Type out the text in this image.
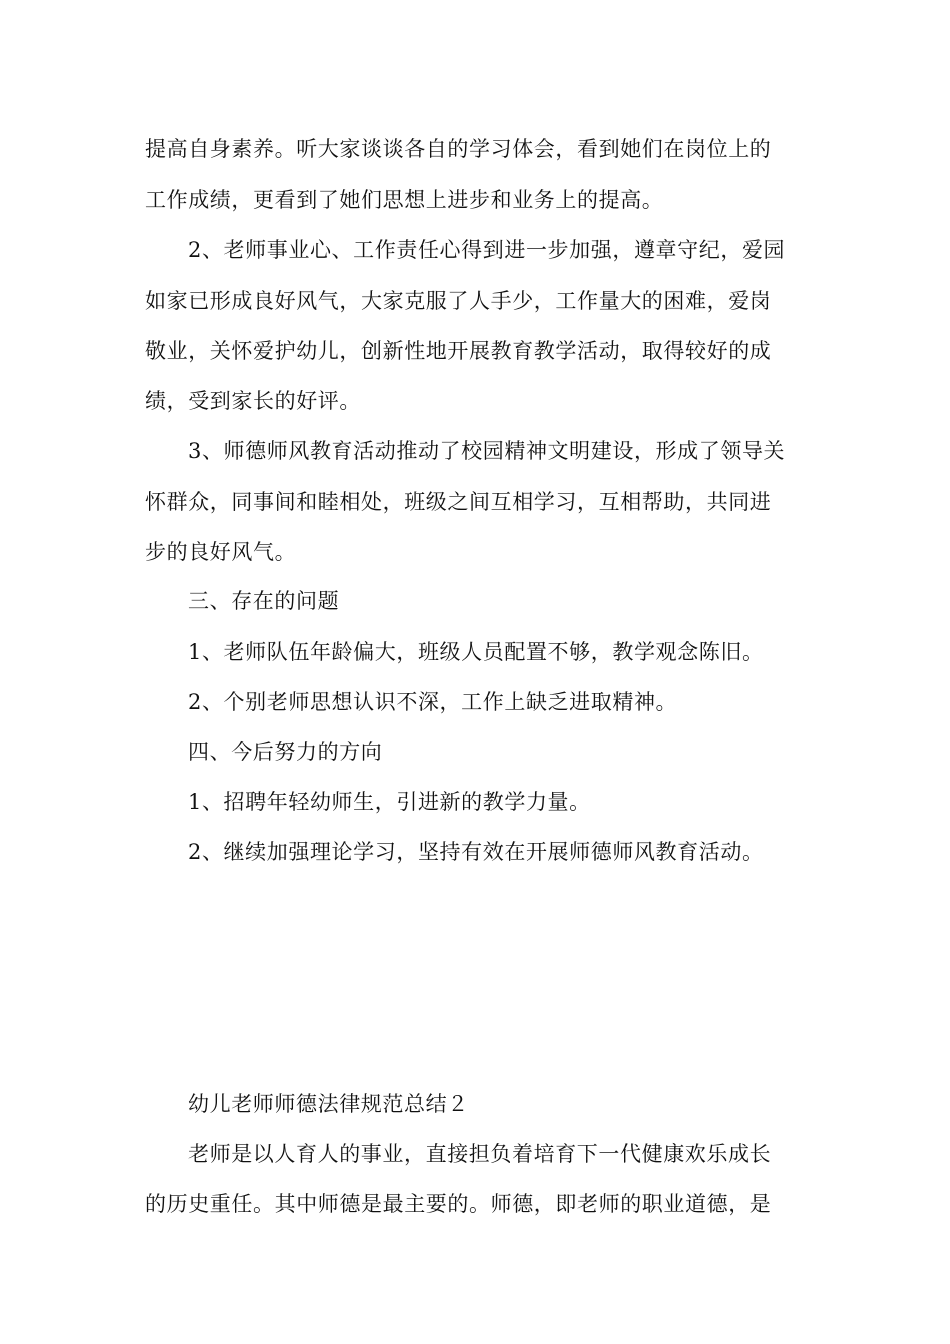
提高自身素养。听大家谈谈各自的学习体会，看到她们在岗位上的
工作成绩，更看到了她们思想上进步和业务上的提高。
2、老师事业心、工作责任心得到进一步加强，遵章守纪，爱园
如家已形成良好风气，大家克服了人手少，工作量大的困难，爱岗
敬业，关怀爱护幼儿，创新性地开展教育教学活动，取得较好的成
绩，受到家长的好评。
3、师德师风教育活动推动了校园精神文明建设，形成了领导关
怀群众，同事间和睦相处，班级之间互相学习，互相帮助，共同进
步的良好风气。
三、存在的问题
1、老师队伍年龄偏大，班级人员配置不够，教学观念陈旧。
2、个别老师思想认识不深，工作上缺乏进取精神。
四、今后努力的方向
1、招聘年轻幼师生，引进新的教学力量。
2、继续加强理论学习，坚持有效在开展师德师风教育活动。
幼儿老师师德法律规范总结２
老师是以人育人的事业，直接担负着培育下一代健康欢乐成长
的历史重任。其中师德是最主要的。师德，即老师的职业道德，是
